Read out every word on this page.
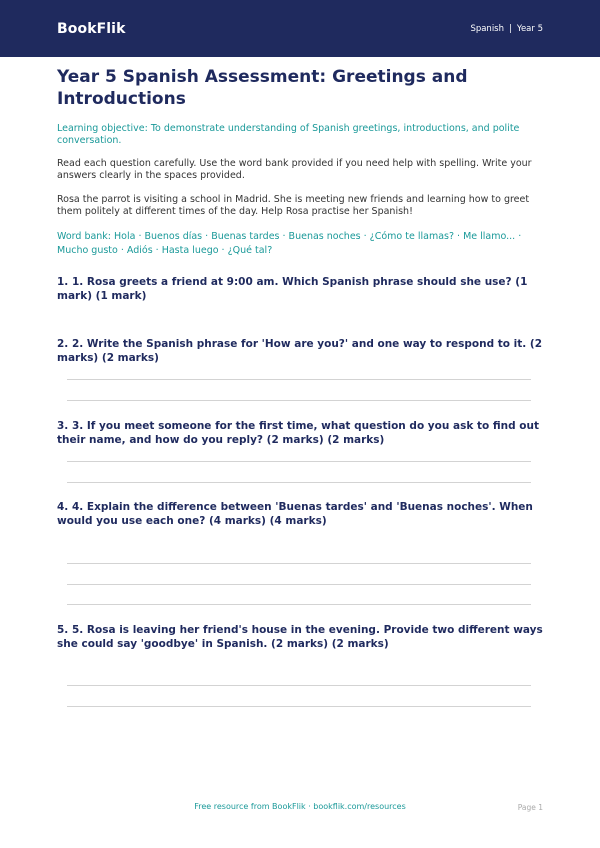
BookFlik	Spanish | Year 5
Year 5 Spanish Assessment: Greetings and Introductions
Learning objective: To demonstrate understanding of Spanish greetings, introductions, and polite conversation.
Read each question carefully. Use the word bank provided if you need help with spelling. Write your answers clearly in the spaces provided.
Rosa the parrot is visiting a school in Madrid. She is meeting new friends and learning how to greet them politely at different times of the day. Help Rosa practise her Spanish!
Word bank: Hola · Buenos días · Buenas tardes · Buenas noches · ¿Cómo te llamas? · Me llamo... · Mucho gusto · Adiós · Hasta luego · ¿Qué tal?

1. 1. Rosa greets a friend at 9:00 am. Which Spanish phrase should she use? (1 mark) (1 mark)

2. 2. Write the Spanish phrase for 'How are you?' and one way to respond to it. (2 marks) (2 marks)

3. 3. If you meet someone for the first time, what question do you ask to find out their name, and how do you reply? (2 marks) (2 marks)

4. 4. Explain the difference between 'Buenas tardes' and 'Buenas noches'. When would you use each one? (4 marks) (4 marks)

5. 5. Rosa is leaving her friend's house in the evening. Provide two different ways she could say 'goodbye' in Spanish. (2 marks) (2 marks)

Free resource from BookFlik · bookflik.com/resources	Page 1
